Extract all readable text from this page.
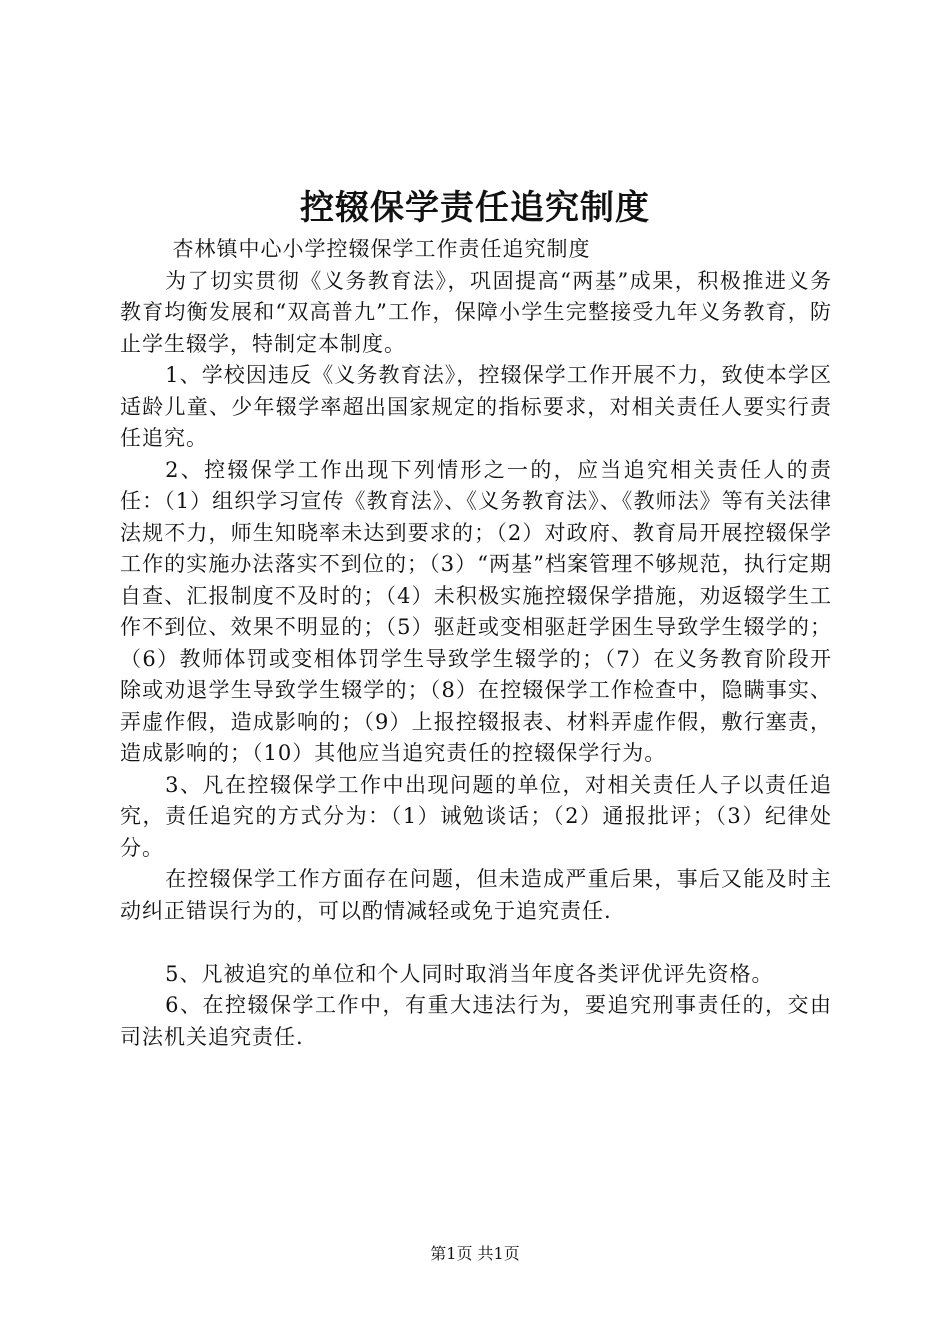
控辍保学责任追究制度

杏林镇中心小学控辍保学工作责任追究制度

为了切实贯彻《义务教育法》，巩固提高“两基”成果，积极推进义务教育均衡发展和“双高普九”工作，保障小学生完整接受九年义务教育，防止学生辍学，特制定本制度。

1、学校因违反《义务教育法》，控辍保学工作开展不力，致使本学区适龄儿童、少年辍学率超出国家规定的指标要求，对相关责任人要实行责任追究。

2、控辍保学工作出现下列情形之一的，应当追究相关责任人的责任：（1）组织学习宣传《教育法》、《义务教育法》、《教师法》等有关法律法规不力，师生知晓率未达到要求的；（2）对政府、教育局开展控辍保学工作的实施办法落实不到位的；（3）“两基”档案管理不够规范，执行定期自查、汇报制度不及时的；（4）未积极实施控辍保学措施，劝返辍学生工作不到位、效果不明显的；（5）驱赶或变相驱赶学困生导致学生辍学的；（6）教师体罚或变相体罚学生导致学生辍学的；（7）在义务教育阶段开除或劝退学生导致学生辍学的；（8）在控辍保学工作检查中，隐瞒事实、弄虚作假，造成影响的；（9）上报控辍报表、材料弄虚作假，敷行塞责，造成影响的；（10）其他应当追究责任的控辍保学行为。

3、凡在控辍保学工作中出现问题的单位，对相关责任人子以责任追究，责任追究的方式分为：（1）诫勉谈话；（2）通报批评；（3）纪律处分。

在控辍保学工作方面存在问题，但未造成严重后果，事后又能及时主动纠正错误行为的，可以酌情减轻或免于追究责任.

5、凡被追究的单位和个人同时取消当年度各类评优评先资格。

6、在控辍保学工作中，有重大违法行为，要追究刑事责任的，交由司法机关追究责任.

第1页 共1页
